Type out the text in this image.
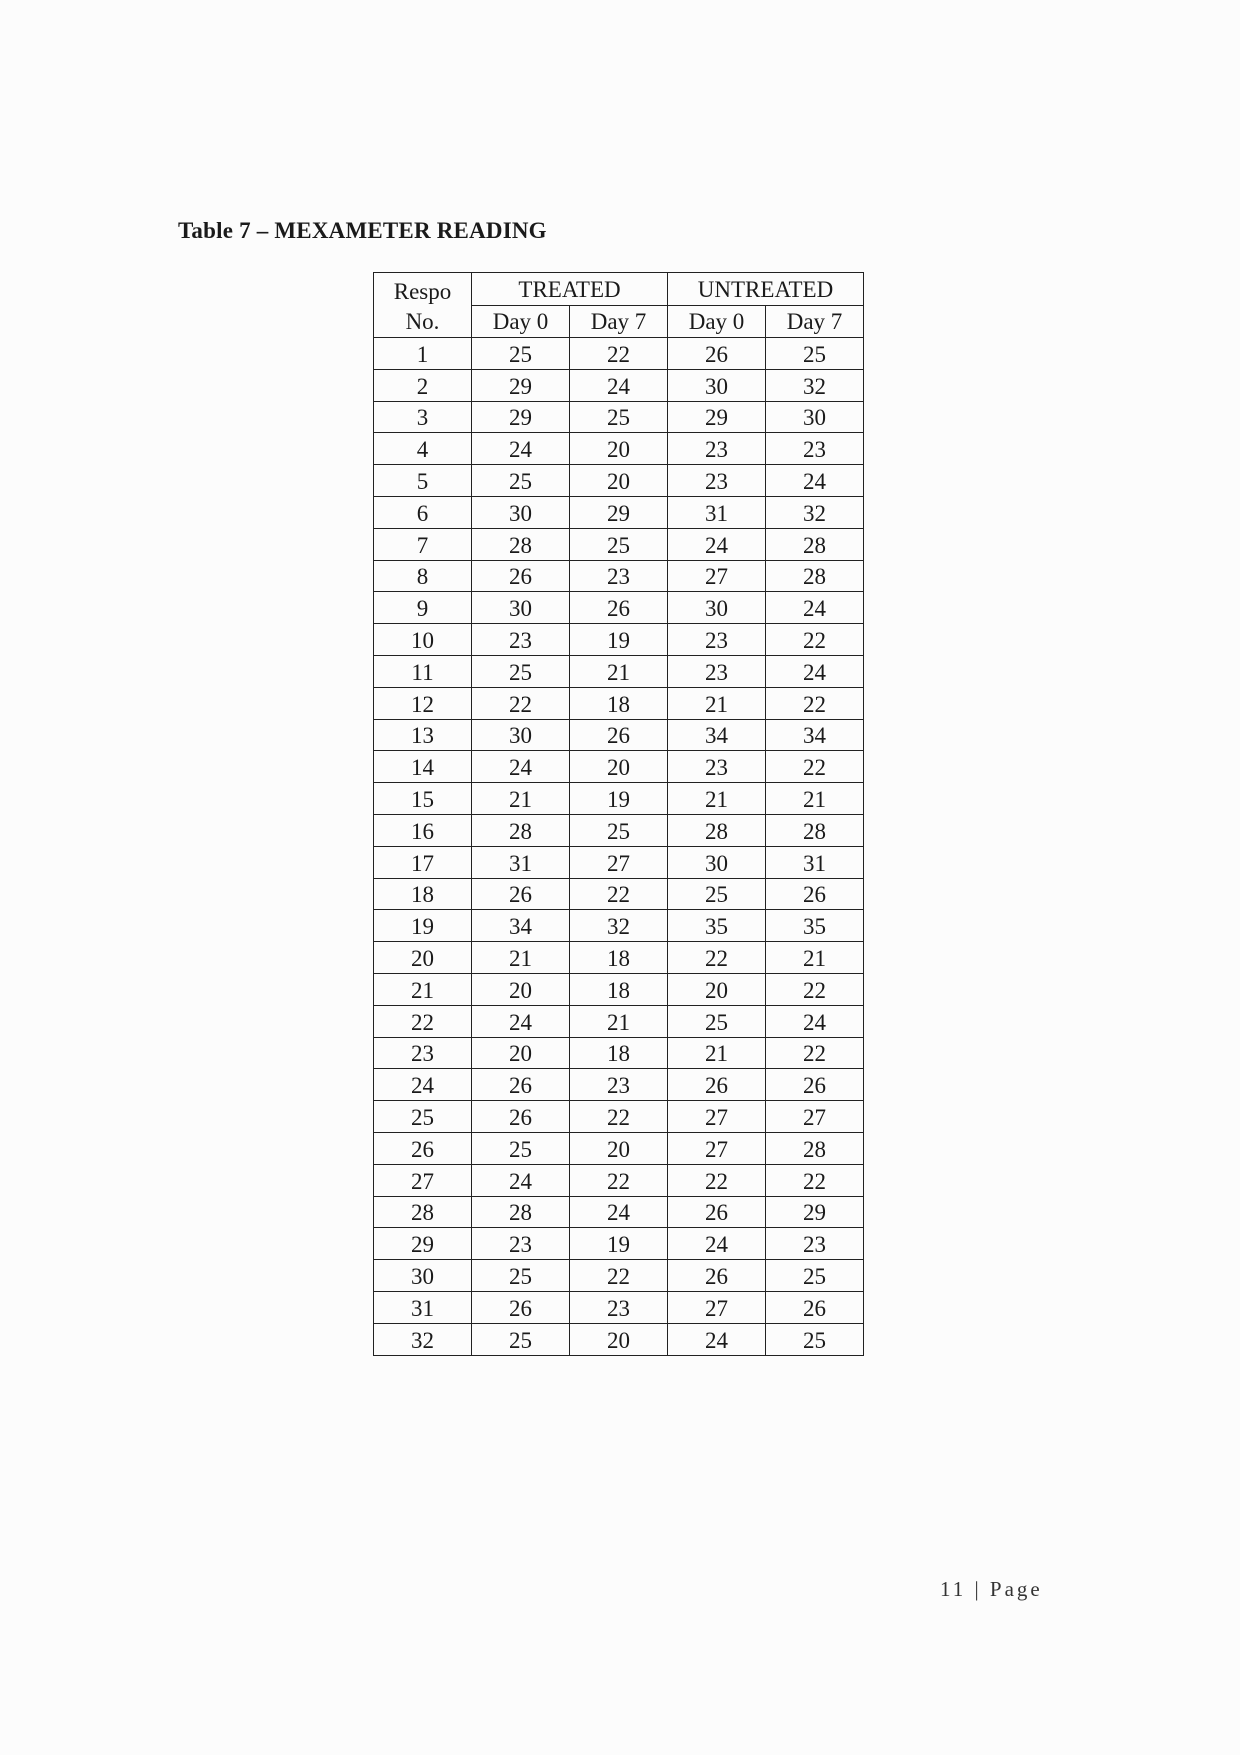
Table 7 – MEXAMETER READING
Respo
No.	TREATED		UNTREATED	
	Day 0	Day 7	Day 0	Day 7
1	25	22	26	25
2	29	24	30	32
3	29	25	29	30
4	24	20	23	23
5	25	20	23	24
6	30	29	31	32
7	28	25	24	28
8	26	23	27	28
9	30	26	30	24
10	23	19	23	22
11	25	21	23	24
12	22	18	21	22
13	30	26	34	34
14	24	20	23	22
15	21	19	21	21
16	28	25	28	28
17	31	27	30	31
18	26	22	25	26
19	34	32	35	35
20	21	18	22	21
21	20	18	20	22
22	24	21	25	24
23	20	18	21	22
24	26	23	26	26
25	26	22	27	27
26	25	20	27	28
27	24	22	22	22
28	28	24	26	29
29	23	19	24	23
30	25	22	26	25
31	26	23	27	26
32	25	20	24	25

11 | Page
